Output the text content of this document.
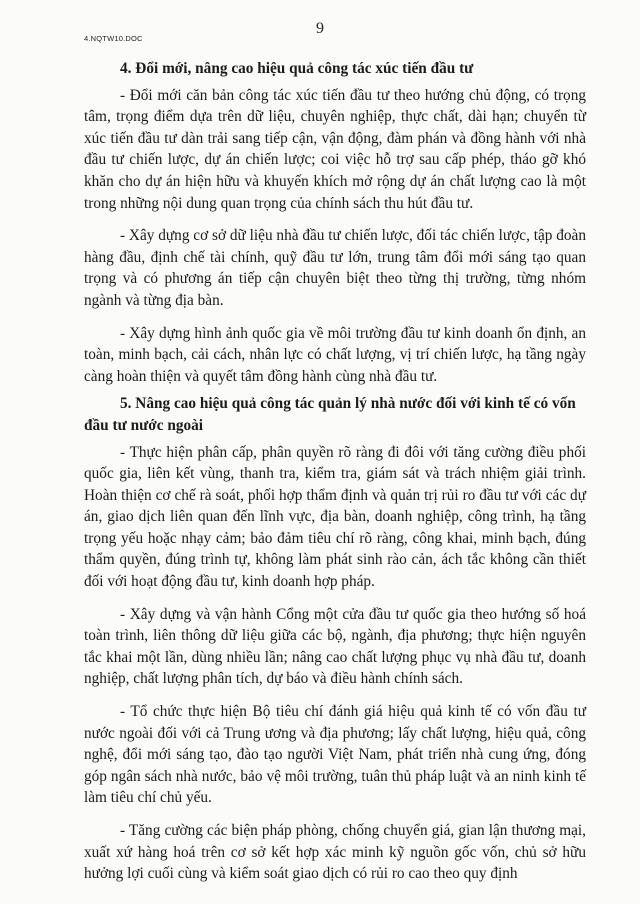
4.NQTW10.DOC
9
4. Đổi mới, nâng cao hiệu quả công tác xúc tiến đầu tư

- Đổi mới căn bản công tác xúc tiến đầu tư theo hướng chủ động, có trọng tâm, trọng điểm dựa trên dữ liệu, chuyên nghiệp, thực chất, dài hạn; chuyển từ xúc tiến đầu tư dàn trải sang tiếp cận, vận động, đàm phán và đồng hành với nhà đầu tư chiến lược, dự án chiến lược; coi việc hỗ trợ sau cấp phép, tháo gỡ khó khăn cho dự án hiện hữu và khuyến khích mở rộng dự án chất lượng cao là một trong những nội dung quan trọng của chính sách thu hút đầu tư.

- Xây dựng cơ sở dữ liệu nhà đầu tư chiến lược, đối tác chiến lược, tập đoàn hàng đầu, định chế tài chính, quỹ đầu tư lớn, trung tâm đổi mới sáng tạo quan trọng và có phương án tiếp cận chuyên biệt theo từng thị trường, từng nhóm ngành và từng địa bàn.

- Xây dựng hình ảnh quốc gia về môi trường đầu tư kinh doanh ổn định, an toàn, minh bạch, cải cách, nhân lực có chất lượng, vị trí chiến lược, hạ tầng ngày càng hoàn thiện và quyết tâm đồng hành cùng nhà đầu tư.

5. Nâng cao hiệu quả công tác quản lý nhà nước đối với kinh tế có vốn đầu tư nước ngoài

- Thực hiện phân cấp, phân quyền rõ ràng đi đôi với tăng cường điều phối quốc gia, liên kết vùng, thanh tra, kiểm tra, giám sát và trách nhiệm giải trình. Hoàn thiện cơ chế rà soát, phối hợp thẩm định và quản trị rủi ro đầu tư với các dự án, giao dịch liên quan đến lĩnh vực, địa bàn, doanh nghiệp, công trình, hạ tầng trọng yếu hoặc nhạy cảm; bảo đảm tiêu chí rõ ràng, công khai, minh bạch, đúng thẩm quyền, đúng trình tự, không làm phát sinh rào cản, ách tắc không cần thiết đối với hoạt động đầu tư, kinh doanh hợp pháp.

- Xây dựng và vận hành Cổng một cửa đầu tư quốc gia theo hướng số hoá toàn trình, liên thông dữ liệu giữa các bộ, ngành, địa phương; thực hiện nguyên tắc khai một lần, dùng nhiều lần; nâng cao chất lượng phục vụ nhà đầu tư, doanh nghiệp, chất lượng phân tích, dự báo và điều hành chính sách.

- Tổ chức thực hiện Bộ tiêu chí đánh giá hiệu quả kinh tế có vốn đầu tư nước ngoài đối với cả Trung ương và địa phương; lấy chất lượng, hiệu quả, công nghệ, đổi mới sáng tạo, đào tạo người Việt Nam, phát triển nhà cung ứng, đóng góp ngân sách nhà nước, bảo vệ môi trường, tuân thủ pháp luật và an ninh kinh tế làm tiêu chí chủ yếu.

- Tăng cường các biện pháp phòng, chống chuyển giá, gian lận thương mại, xuất xứ hàng hoá trên cơ sở kết hợp xác minh kỹ nguồn gốc vốn, chủ sở hữu hưởng lợi cuối cùng và kiểm soát giao dịch có rủi ro cao theo quy định
